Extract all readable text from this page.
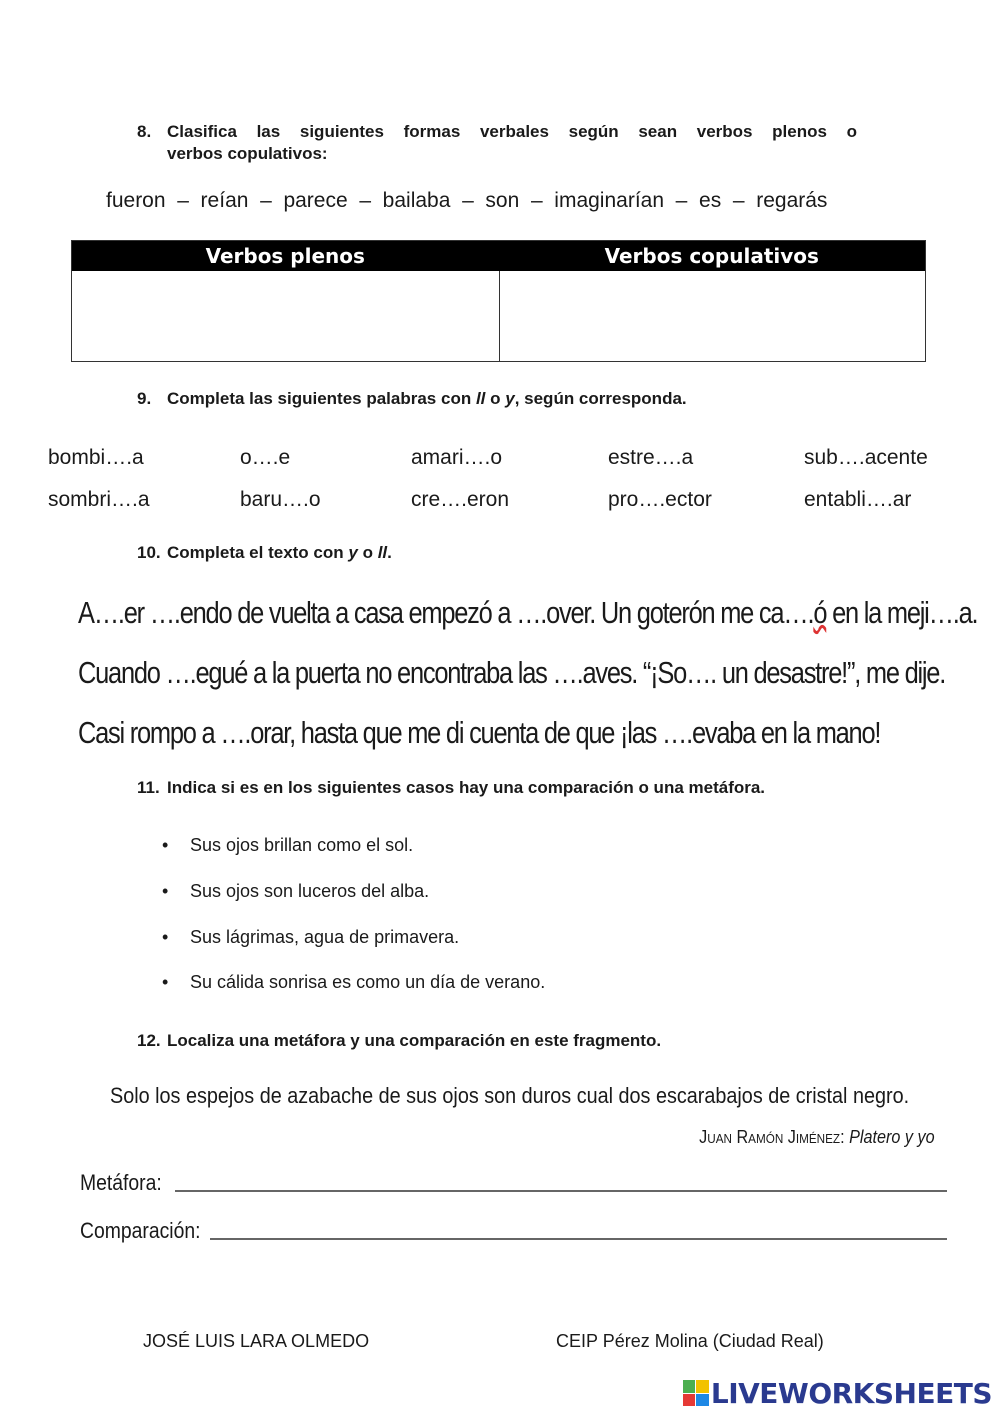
8. Clasifica las siguientes formas verbales según sean verbos plenos o
verbos copulativos:
fueron  –  reían  –  parece  –  bailaba  –  son  –  imaginarían  –  es  –  regarás
Verbos plenos	Verbos copulativos
9. Completa las siguientes palabras con ll o y, según corresponda.
bombi….a	o….e	amari….o	estre….a	sub….acente
sombri….a	baru….o	cre….eron	pro….ector	entabli….ar
10. Completa el texto con y o ll.
A….er ….endo de vuelta a casa empezó a ….over. Un goterón me ca….ó en la meji….a.
Cuando ….egué a la puerta no encontraba las ….aves. “¡So…. un desastre!”, me dije.
Casi rompo a ….orar, hasta que me di cuenta de que ¡las ….evaba en la mano!
11. Indica si es en los siguientes casos hay una comparación o una metáfora.
• Sus ojos brillan como el sol.
• Sus ojos son luceros del alba.
• Sus lágrimas, agua de primavera.
• Su cálida sonrisa es como un día de verano.
12. Localiza una metáfora y una comparación en este fragmento.
Solo los espejos de azabache de sus ojos son duros cual dos escarabajos de cristal negro.
Juan Ramón Jiménez: Platero y yo
Metáfora:
Comparación:
JOSÉ LUIS LARA OLMEDO	CEIP Pérez Molina (Ciudad Real)
LIVEWORKSHEETS
